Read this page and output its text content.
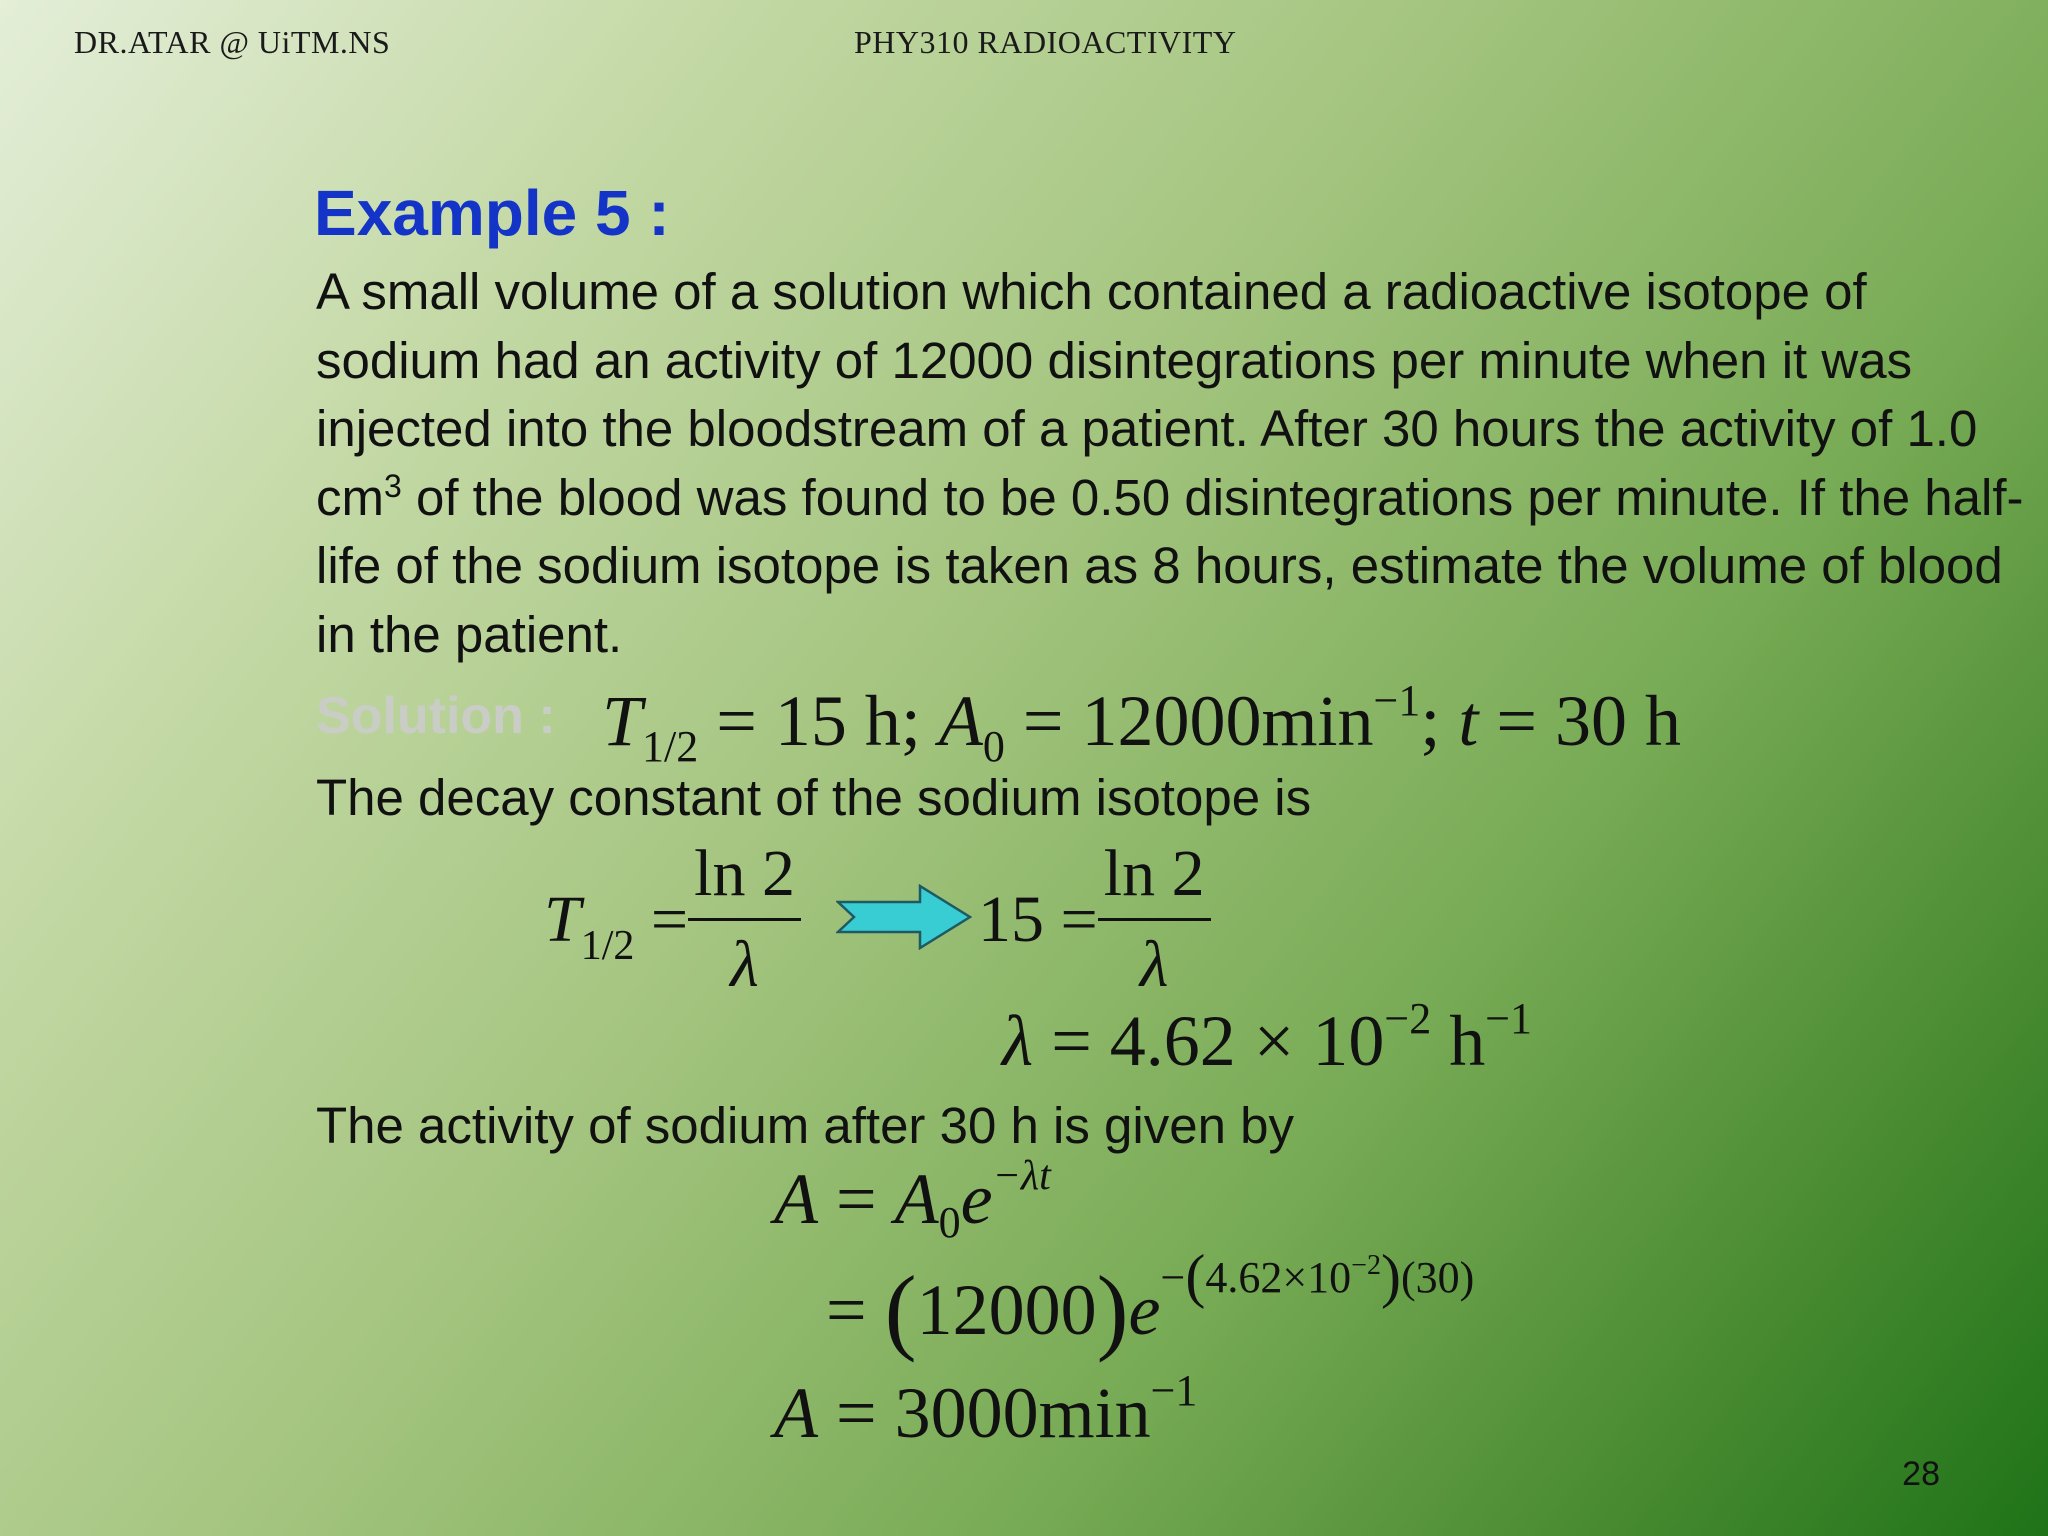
DR.ATAR @ UiTM.NS	PHY310 RADIOACTIVITY
Example 5 :
A small volume of a solution which contained a radioactive isotope of sodium had an activity of 12000 disintegrations per minute when it was injected into the bloodstream of a patient. After 30 hours the activity of 1.0 $cm^3$ of the blood was found to be 0.50 disintegrations per minute. If the half-life of the sodium isotope is taken as 8 hours, estimate the volume of blood in the patient.
Solution : $T_{1/2} = 15$ h; $A_0 = 12000\min^{-1}$; t = 30 h
The decay constant of the sodium isotope is
$T_{1/2} = \frac{\ln 2}{\lambda}$	$15 = \frac{\ln 2}{\lambda}$
$\lambda = 4.62 \times 10^{-2}$ $h^{-1}$
The activity of sodium after 30 h is given by
$A = A_0e^{-\lambda t}$
= $(12000)e^{-(4.62\times 10^{-2})(30)}$
$A = 3000\min^{-1}$
28
